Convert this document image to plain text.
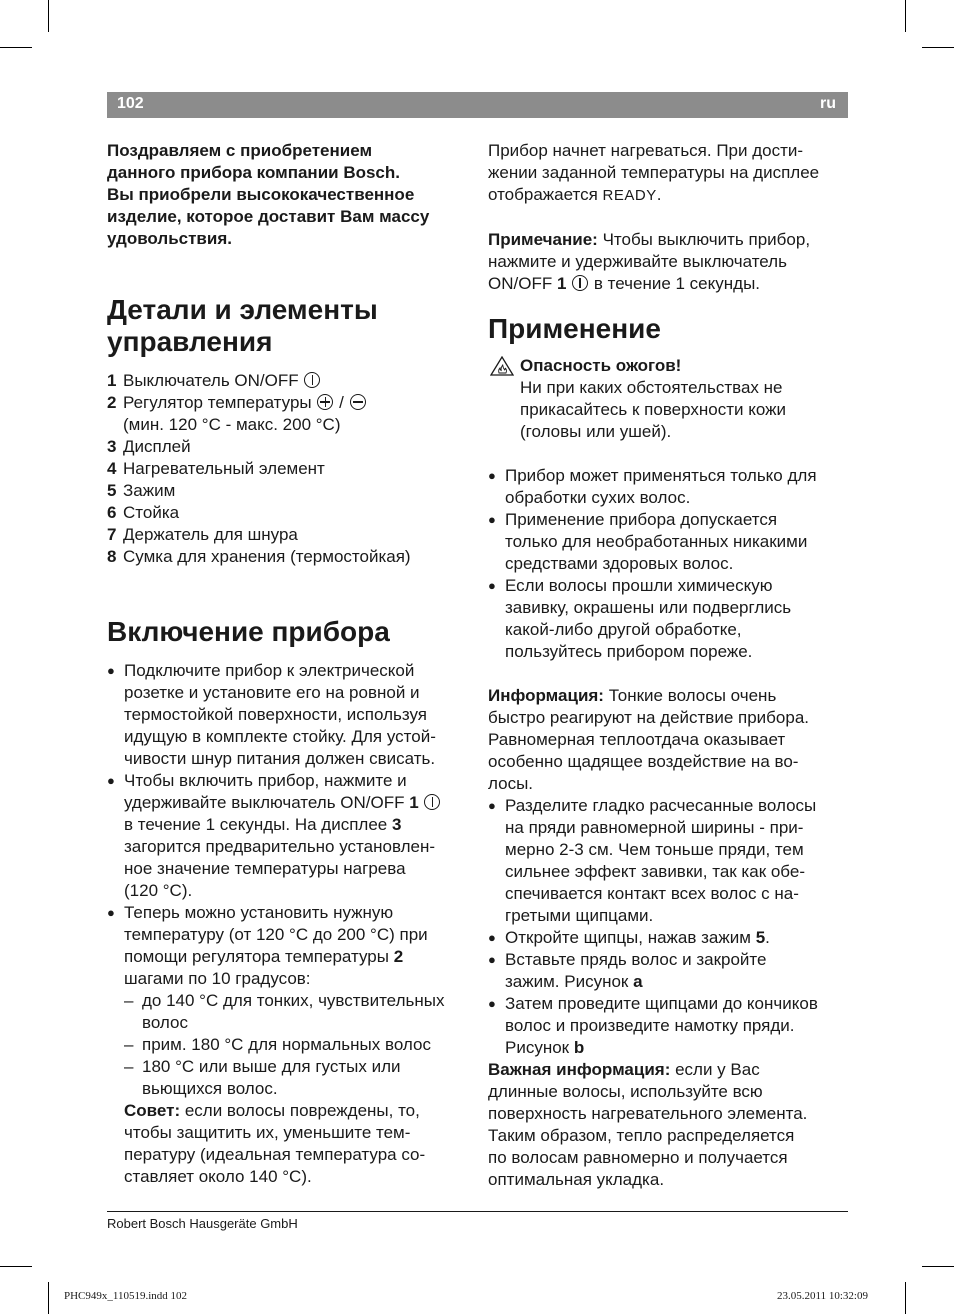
102	ru
Поздравляем с приобретением
данного прибора компании Bosch.
Вы приобрели высококачественное
изделие, которое доставит Вам массу
удовольствия.
Детали и элементы
управления
1 Выключатель ON/OFF
2 Регулятор температуры /
(мин. 120 °C - макс. 200 °C)
3 Дисплей
4 Нагревательный элемент
5 Зажим
6 Стойка
7 Держатель для шнура
8 Сумка для хранения (термостойкая)
Включение прибора
● Подключите прибор к электрической
розетке и установите его на ровной и
термостойкой поверхности, используя
идущую в комплекте стойку. Для устой-
чивости шнур питания должен свисать.
● Чтобы включить прибор, нажмите и
удерживайте выключатель ON/OFF 1
в течение 1 секунды. На дисплее 3
загорится предварительно установлен-
ное значение температуры нагрева
(120 °C).
● Теперь можно установить нужную
температуру (от 120 °C до 200 °C) при
помощи регулятора температуры 2
шагами по 10 градусов:
– до 140 °C для тонких, чувствительных
волос
– прим. 180 °C для нормальных волос
– 180 °C или выше для густых или
вьющихся волос.
Совет: если волосы повреждены, то,
чтобы защитить их, уменьшите тем-
пературу (идеальная температура со-
ставляет около 140 °C).
Прибор начнет нагреваться. При дости-
жении заданной температуры на дисплее
отображается READY.
Примечание: Чтобы выключить прибор,
нажмите и удерживайте выключатель
ON/OFF 1 в течение 1 секунды.
Применение
Опасность ожогов!
Ни при каких обстоятельствах не
прикасайтесь к поверхности кожи
(головы или ушей).
● Прибор может применяться только для
обработки сухих волос.
● Применение прибора допускается
только для необработанных никакими
средствами здоровых волос.
● Если волосы прошли химическую
завивку, окрашены или подверглись
какой-либо другой обработке,
пользуйтесь прибором пореже.
Информация: Тонкие волосы очень
быстро реагируют на действие прибора.
Равномерная теплоотдача оказывает
особенно щадящее воздействие на во-
лосы.
● Разделите гладко расчесанные волосы
на пряди равномерной ширины - при-
мерно 2-3 см. Чем тоньше пряди, тем
сильнее эффект завивки, так как обе-
спечивается контакт всех волос с на-
гретыми щипцами.
● Откройте щипцы, нажав зажим 5.
● Вставьте прядь волос и закройте
зажим. Рисунок a
● Затем проведите щипцами до кончиков
волос и произведите намотку пряди.
Рисунок b
Важная информация: если у Вас
длинные волосы, используйте всю
поверхность нагревательного элемента.
Таким образом, тепло распределяется
по волосам равномерно и получается
оптимальная укладка.
Robert Bosch Hausgeräte GmbH
PHC949x_110519.indd 102	23.05.2011 10:32:09
